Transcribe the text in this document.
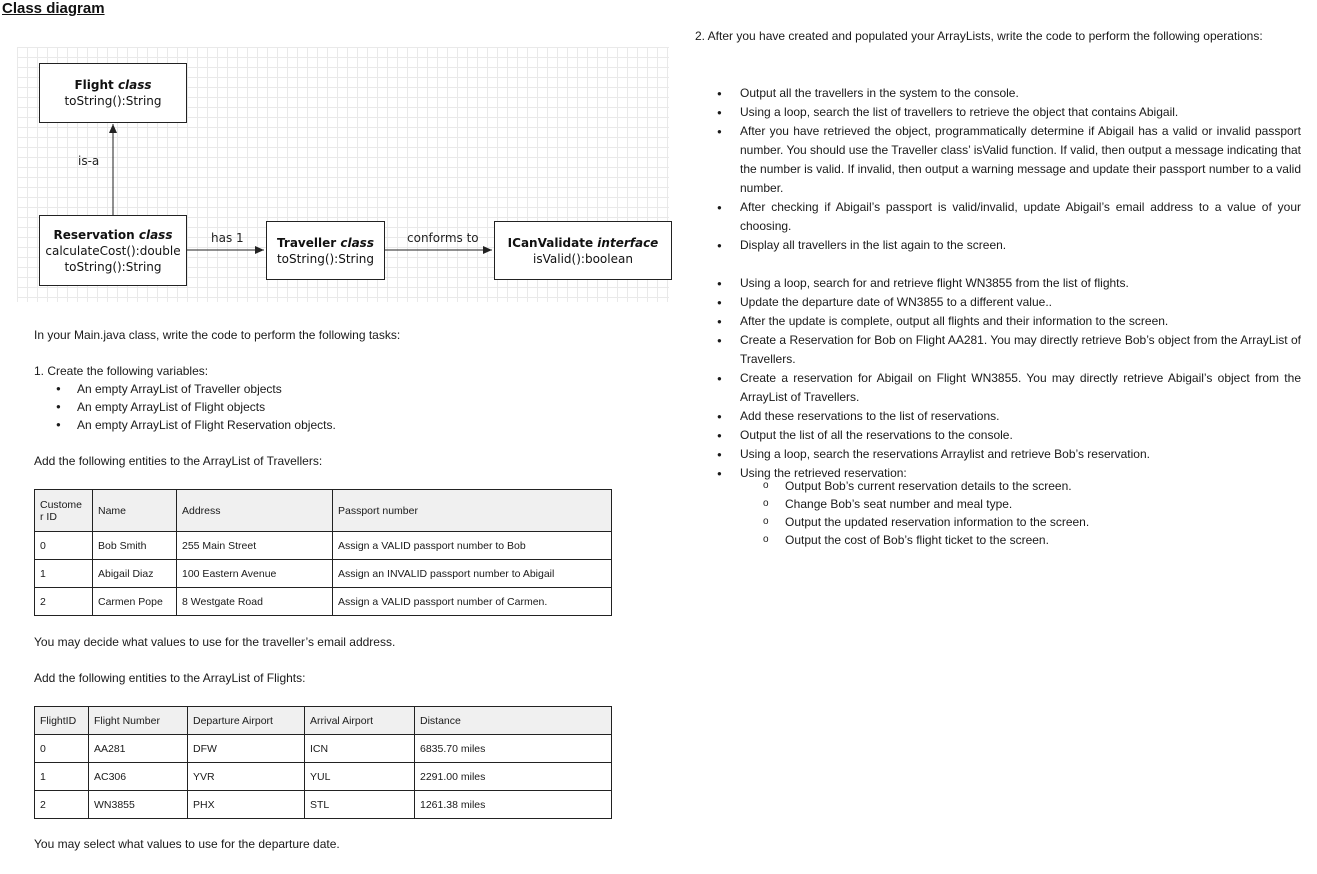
Class diagram
Flight class
toString():String
is-a
Reservation class
calculateCost():double
toString():String
has 1	Traveller class
toString():String
conforms to ICanValidate interface
isValid():boolean
In your Main.java class, write the code to perform the following tasks:
1. Create the following variables:
● An empty ArrayList of Traveller objects
● An empty ArrayList of Flight objects
● An empty ArrayList of Flight Reservation objects.
Add the following entities to the ArrayList of Travellers:
Custome
r ID	Name	Address	Passport number
0	Bob Smith	255 Main Street	Assign a VALID passport number to Bob
1	Abigail Diaz	100 Eastern Avenue	Assign an INVALID passport number to Abigail
2	Carmen Pope	8 Westgate Road	Assign a VALID passport number of Carmen.
You may decide what values to use for the traveller’s email address.
Add the following entities to the ArrayList of Flights:
FlightID	Flight Number	Departure Airport	Arrival Airport	Distance
0	AA281	DFW	ICN	6835.70 miles
1	AC306	YVR	YUL	2291.00 miles
2	WN3855	PHX	STL	1261.38 miles
You may select what values to use for the departure date.
2. After you have created and populated your ArrayLists, write the code to perform the following operations:
● Output all the travellers in the system to the console.
● Using a loop, search the list of travellers to retrieve the object that contains Abigail.
● After you have retrieved the object, programmatically determine if Abigail has a valid or invalid passport number. You should use the Traveller class’ isValid function. If valid, then output a message indicating that the number is valid. If invalid, then output a warning message and update their passport number to a valid number.
● After checking if Abigail’s passport is valid/invalid, update Abigail’s email address to a value of your choosing.
● Display all travellers in the list again to the screen.
● Using a loop, search for and retrieve flight WN3855 from the list of flights.
● Update the departure date of WN3855 to a different value..
● After the update is complete, output all flights and their information to the screen.
● Create a Reservation for Bob on Flight AA281. You may directly retrieve Bob’s object from the ArrayList of Travellers.
● Create a reservation for Abigail on Flight WN3855. You may directly retrieve Abigail’s object from the ArrayList of Travellers.
● Add these reservations to the list of reservations.
● Output the list of all the reservations to the console.
● Using a loop, search the reservations Arraylist and retrieve Bob’s reservation.
● Using the retrieved reservation:
o Output Bob’s current reservation details to the screen.
o Change Bob’s seat number and meal type.
o Output the updated reservation information to the screen.
o Output the cost of Bob’s flight ticket to the screen.
